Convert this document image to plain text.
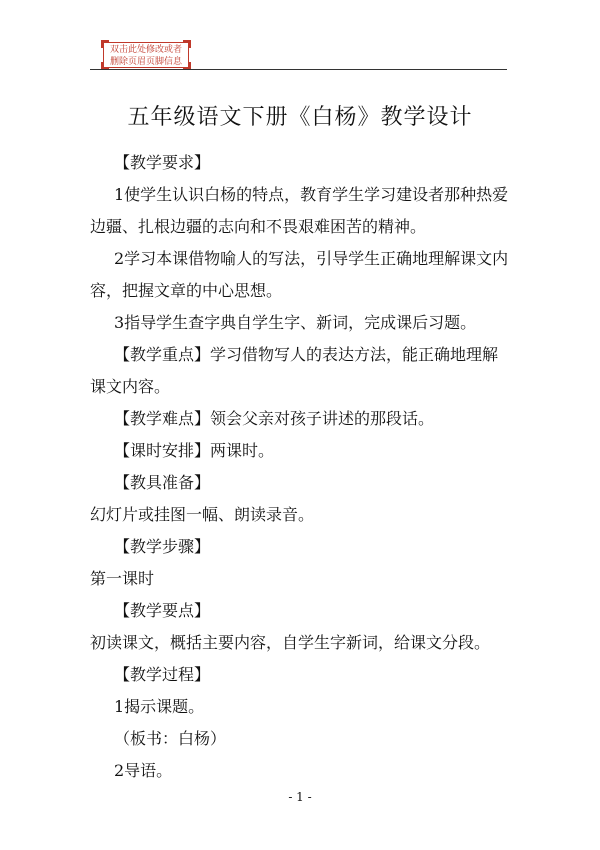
双击此处修改或者
删除页眉页脚信息
五年级语文下册《白杨》教学设计
【教学要求】
1使学生认识白杨的特点，教育学生学习建设者那种热爱
边疆、扎根边疆的志向和不畏艰难困苦的精神。
2学习本课借物喻人的写法，引导学生正确地理解课文内
容，把握文章的中心思想。
3指导学生查字典自学生字、新词，完成课后习题。
【教学重点】学习借物写人的表达方法，能正确地理解
课文内容。
【教学难点】领会父亲对孩子讲述的那段话。
【课时安排】两课时。
【教具准备】
幻灯片或挂图一幅、朗读录音。
【教学步骤】
第一课时
【教学要点】
初读课文，概括主要内容，自学生字新词，给课文分段。
【教学过程】
1揭示课题。
（板书：白杨）
2导语。
- 1 -
